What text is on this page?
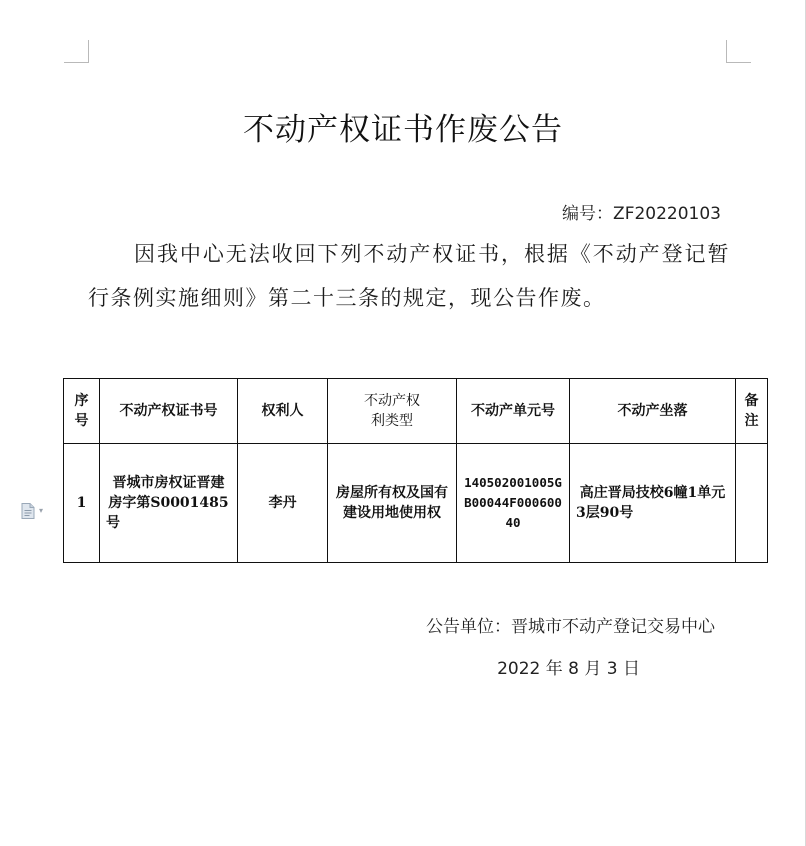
不动产权证书作废公告
编号：ZF20220103
因我中心无法收回下列不动产权证书，根据《不动产登记暂行条例实施细则》第二十三条的规定，现公告作废。
序号	不动产权证书号	权利人	不动产权利类型	不动产单元号	不动产坐落	备注
1	晋城市房权证晋建房字第S0001485号	李丹	房屋所有权及国有建设用地使用权	140502001005GB00044F00060040	高庄晋局技校6幢1单元3层90号	
▾
公告单位：晋城市不动产登记交易中心
2022 年 8 月 3 日
